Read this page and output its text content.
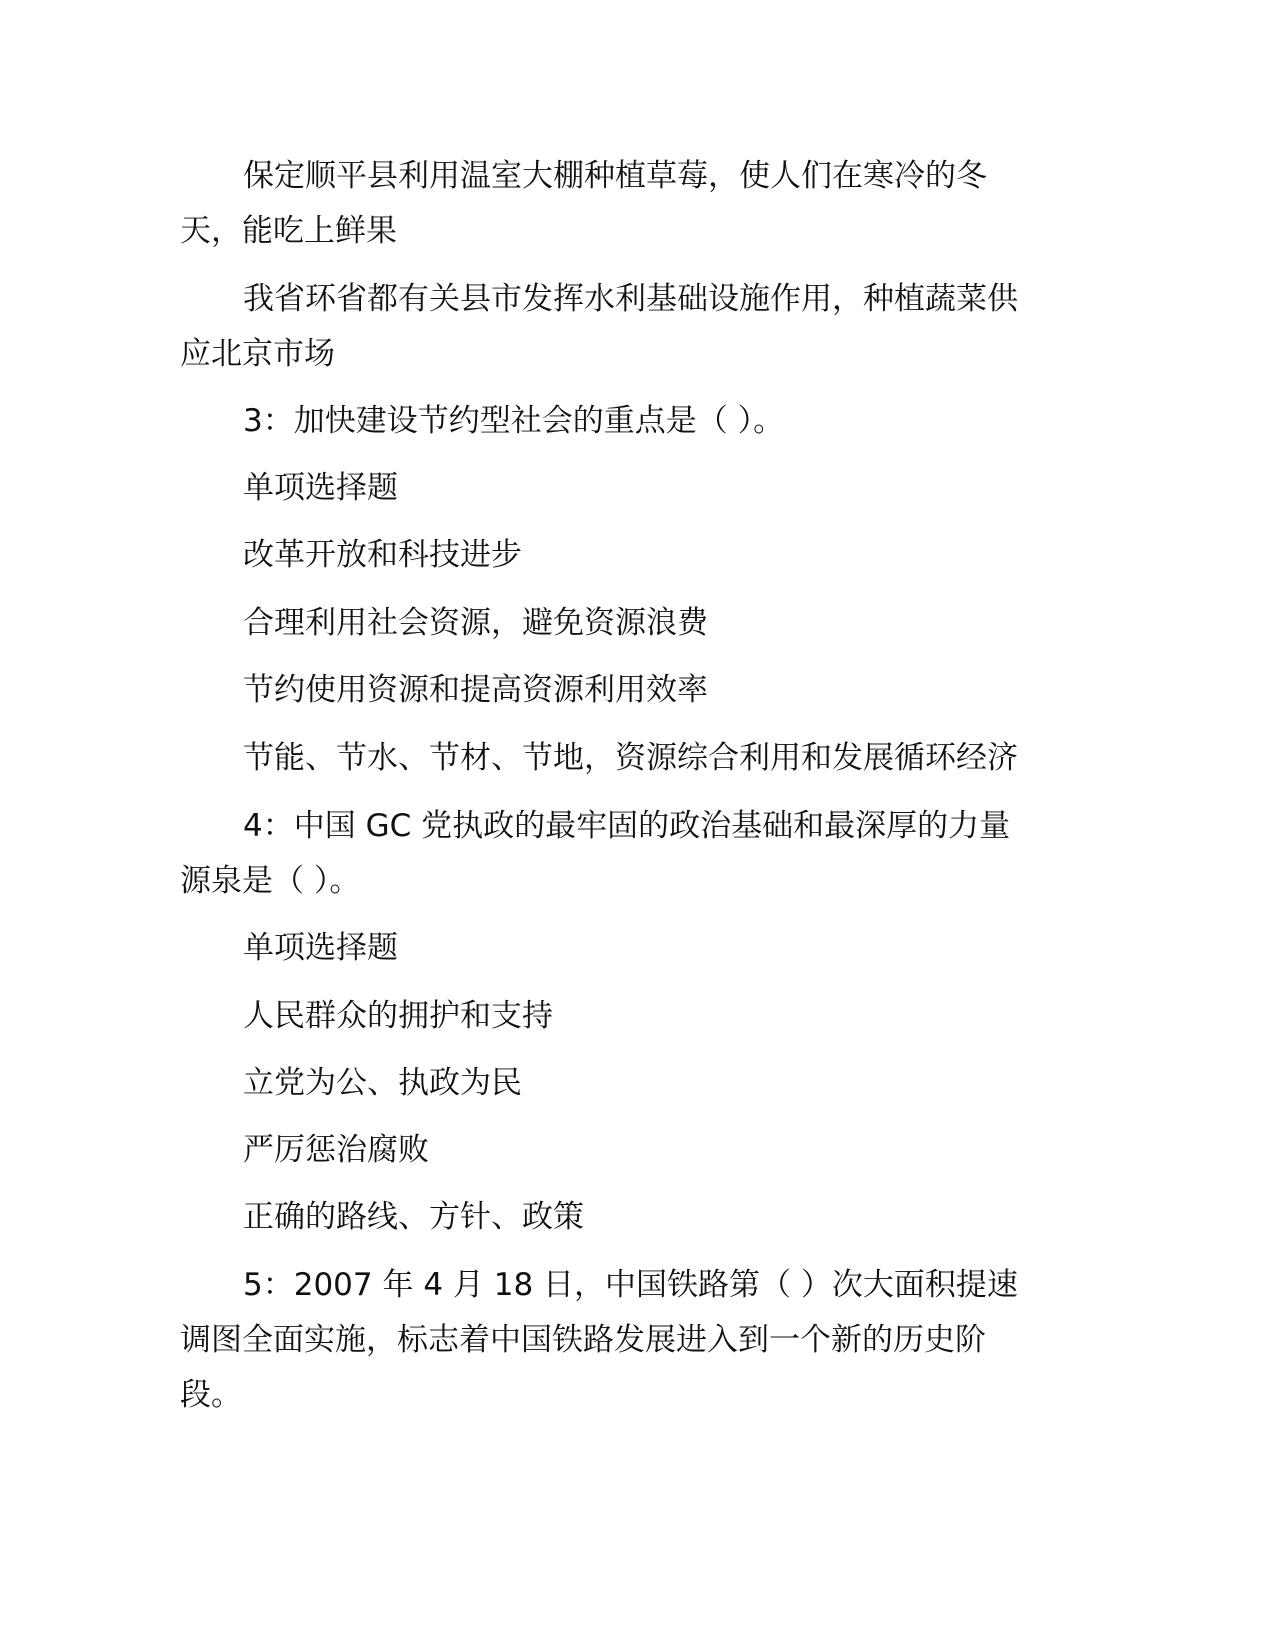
保定顺平县利用温室大棚种植草莓，使人们在寒冷的冬
天，能吃上鲜果
我省环省都有关县市发挥水利基础设施作用，种植蔬菜供
应北京市场
3：加快建设节约型社会的重点是（ ）。
单项选择题
改革开放和科技进步
合理利用社会资源，避免资源浪费
节约使用资源和提高资源利用效率
节能、节水、节材、节地，资源综合利用和发展循环经济
4：中国 GC 党执政的最牢固的政治基础和最深厚的力量
源泉是（ ）。
单项选择题
人民群众的拥护和支持
立党为公、执政为民
严厉惩治腐败
正确的路线、方针、政策
5：2007 年 4 月 18 日，中国铁路第（ ）次大面积提速
调图全面实施，标志着中国铁路发展进入到一个新的历史阶
段。
